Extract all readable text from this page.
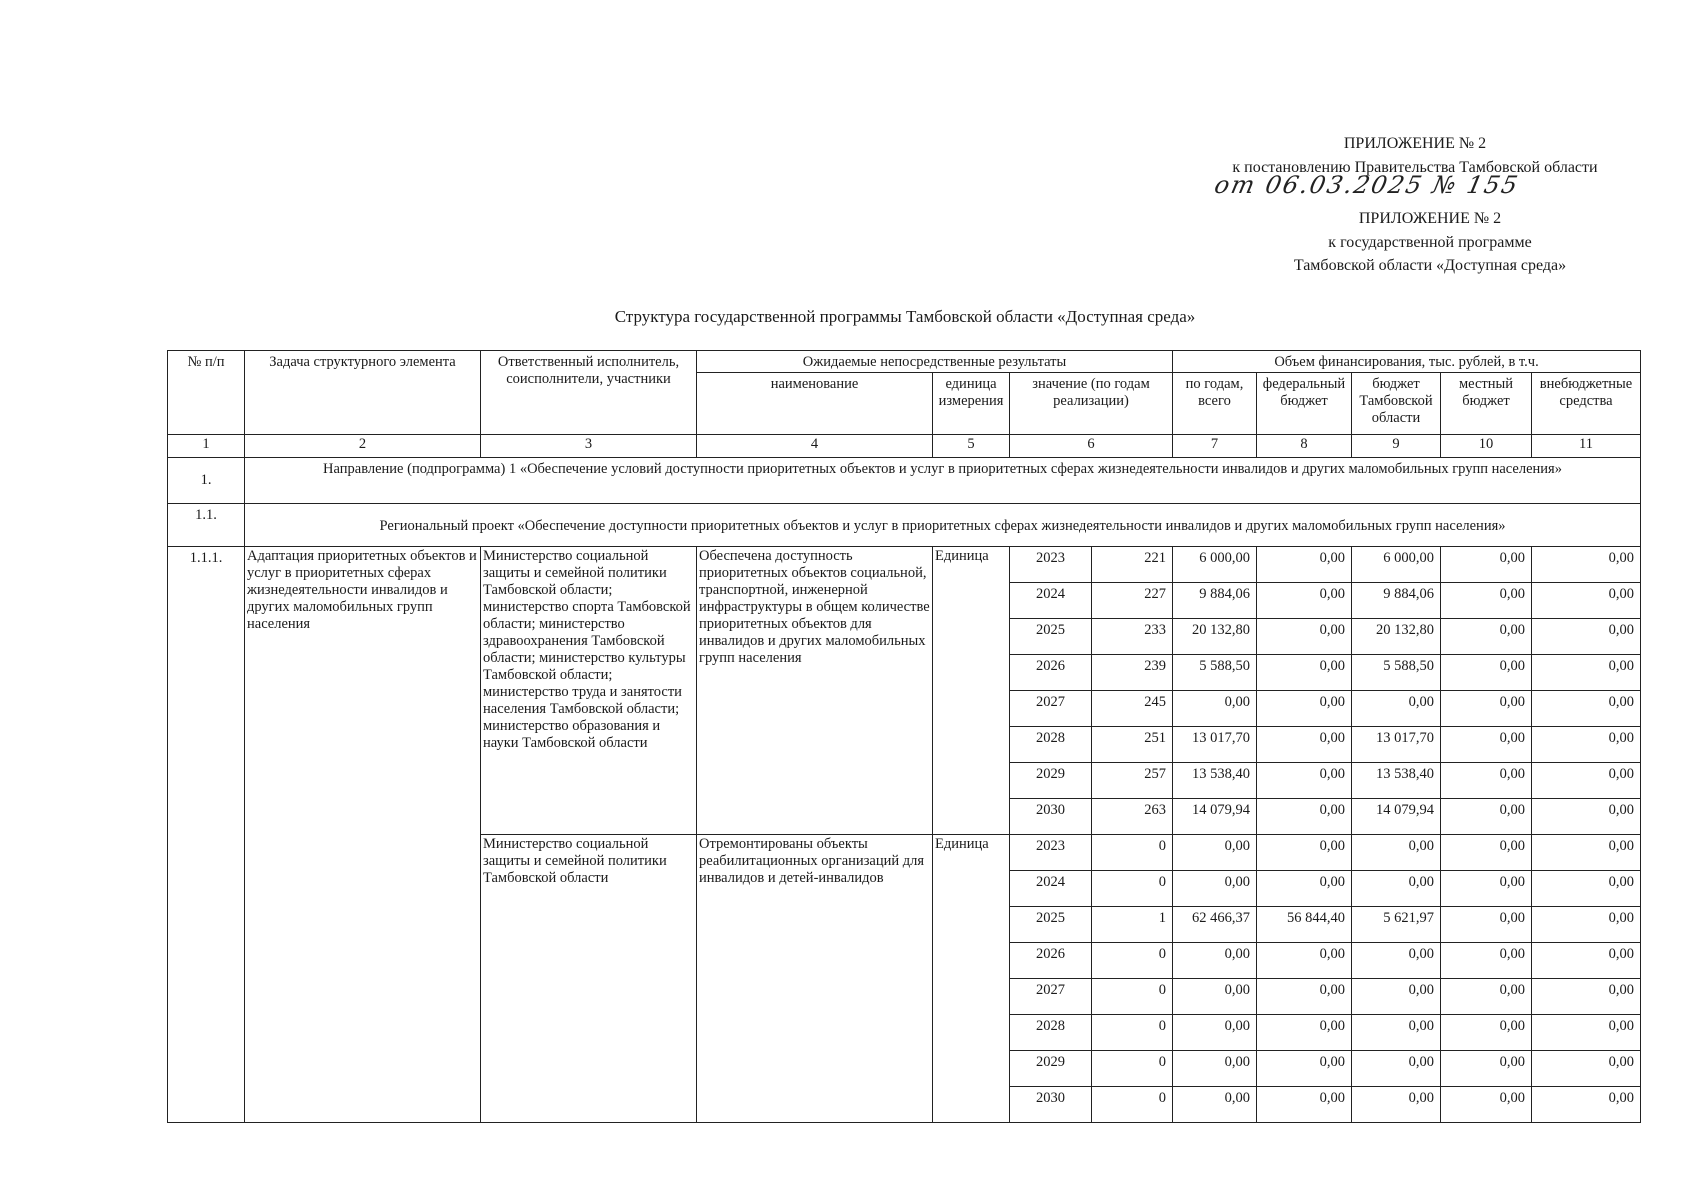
ПРИЛОЖЕНИЕ № 2
к постановлению Правительства Тамбовской области
от 06.03.2025 № 155
ПРИЛОЖЕНИЕ № 2
к государственной программе
Тамбовской области «Доступная среда»
Структура государственной программы Тамбовской области «Доступная среда»
№ п/п	Задача структурного элемента	Ответственный исполнитель, соисполнители, участники	Ожидаемые непосредственные результаты				Объем финансирования, тыс. рублей, в т.ч.				
			наименование	единица измерения	значение (по годам реализации)		по годам, всего	федеральный бюджет	бюджет Тамбовской области	местный бюджет	внебюджетные средства
1	2	3	4	5	6		7	8	9	10	11
1.	Направление (подпрограмма) 1 «Обеспечение условий доступности приоритетных объектов и услуг в приоритетных сферах жизнедеятельности инвалидов и других маломобильных групп населения»										
1.1.	Региональный проект «Обеспечение доступности приоритетных объектов и услуг в приоритетных сферах жизнедеятельности инвалидов и других маломобильных групп населения»										
1.1.1.	Адаптация приоритетных объектов и услуг в приоритетных сферах жизнедеятельности инвалидов и других маломобильных групп населения	Министерство социальной защиты и семейной политики Тамбовской области; министерство спорта Тамбовской области; министерство здравоохранения Тамбовской области; министерство культуры Тамбовской области; министерство труда и занятости населения Тамбовской области; министерство образования и науки Тамбовской области	Обеспечена доступность приоритетных объектов социальной, транспортной, инженерной инфраструктуры в общем количестве приоритетных объектов для инвалидов и других маломобильных групп населения	Единица	2023	221	6 000,00	0,00	6 000,00	0,00	0,00
					2024	227	9 884,06	0,00	9 884,06	0,00	0,00
					2025	233	20 132,80	0,00	20 132,80	0,00	0,00
					2026	239	5 588,50	0,00	5 588,50	0,00	0,00
					2027	245	0,00	0,00	0,00	0,00	0,00
					2028	251	13 017,70	0,00	13 017,70	0,00	0,00
					2029	257	13 538,40	0,00	13 538,40	0,00	0,00
					2030	263	14 079,94	0,00	14 079,94	0,00	0,00
		Министерство социальной защиты и семейной политики Тамбовской области	Отремонтированы объекты реабилитационных организаций для инвалидов и детей-инвалидов	Единица	2023	0	0,00	0,00	0,00	0,00	0,00
					2024	0	0,00	0,00	0,00	0,00	0,00
					2025	1	62 466,37	56 844,40	5 621,97	0,00	0,00
					2026	0	0,00	0,00	0,00	0,00	0,00
					2027	0	0,00	0,00	0,00	0,00	0,00
					2028	0	0,00	0,00	0,00	0,00	0,00
					2029	0	0,00	0,00	0,00	0,00	0,00
					2030	0	0,00	0,00	0,00	0,00	0,00
